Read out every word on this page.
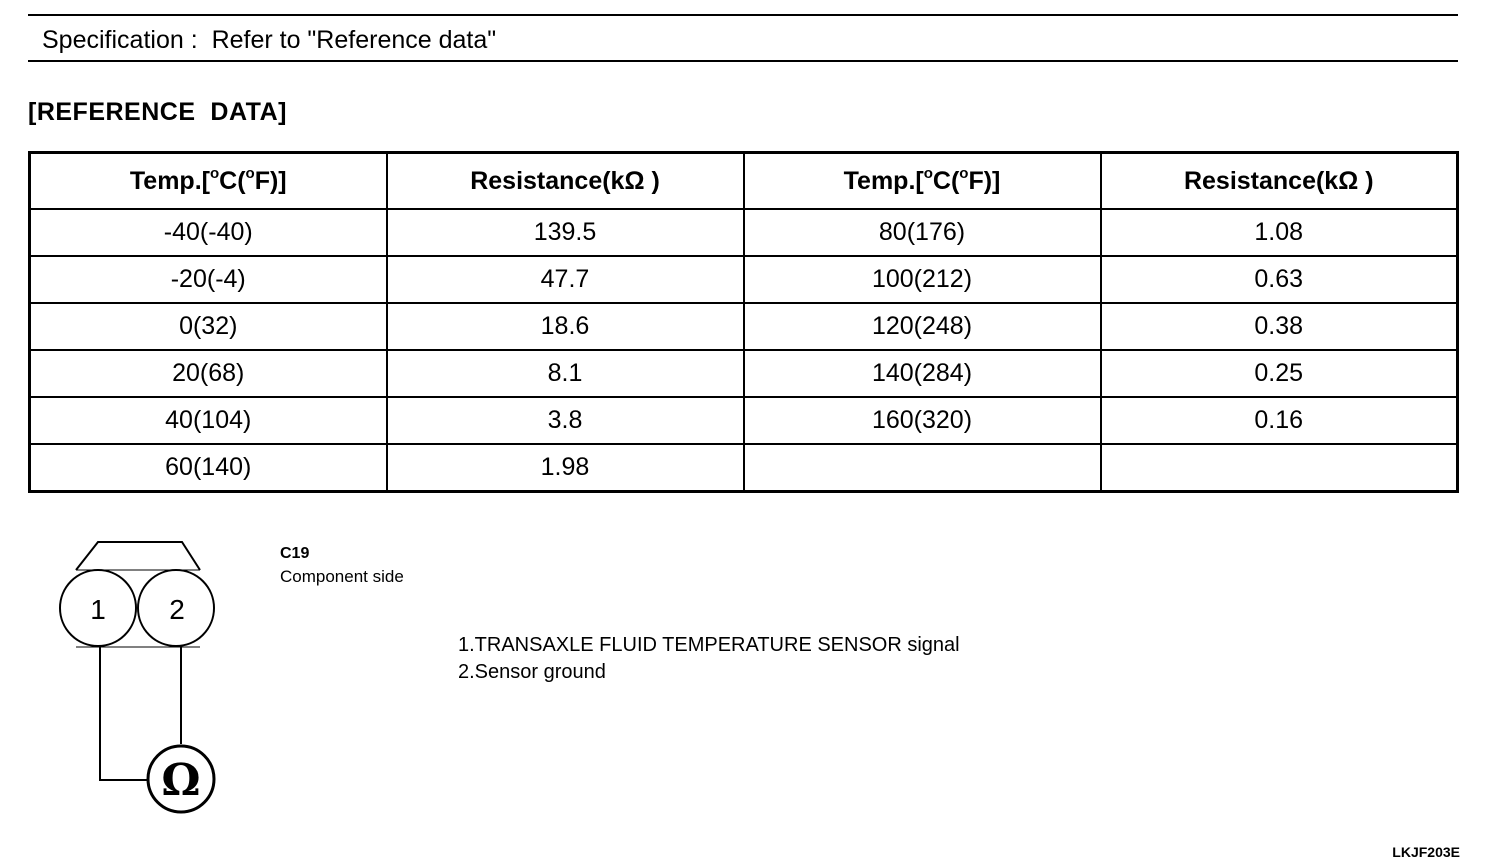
Specification : Refer to "Reference data"
[REFERENCE  DATA]
Temp.[$^o$C($^o$F)]	Resistance(kΩ )	Temp.[$^o$C($^o$F)]	Resistance(kΩ )
-40(-40)	139.5	80(176)	1.08
-20(-4)	47.7	100(212)	0.63
0(32)	18.6	120(248)	0.38
20(68)	8.1	140(284)	0.25
40(104)	3.8	160(320)	0.16
60(140)	1.98		
1 2
Ω
C19
Component side
1.TRANSAXLE FLUID TEMPERATURE SENSOR signal
2.Sensor ground
LKJF203E
